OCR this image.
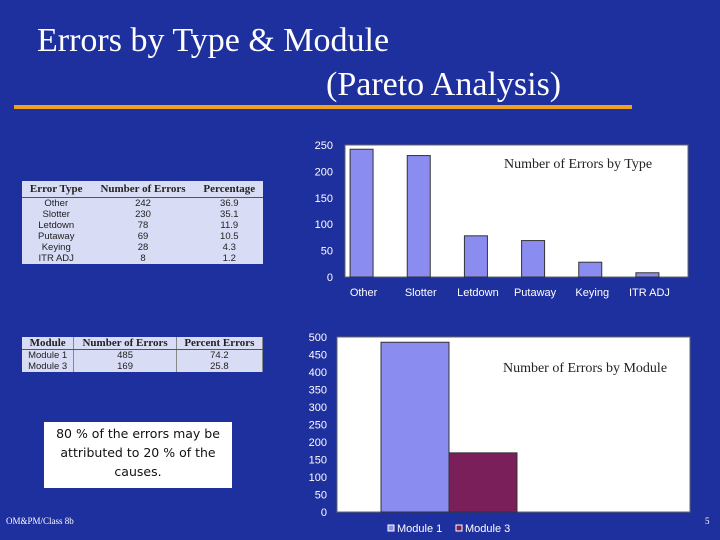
Errors by Type & Module
(Pareto Analysis)
Error Type	Number of Errors	Percentage
Other	242	36.9
Slotter	230	35.1
Letdown	78	11.9
Putaway	69	10.5
Keying	28	4.3
ITR ADJ	8	1.2
Module	Number of Errors	Percent Errors
Module 1	485	74.2
Module 3	169	25.8
80 % of the errors may be attributed to 20 % of the causes.
OM&PM/Class 8b	5
0
50
100
150
200
250
Other	Slotter Letdown Putaway Keying ITR ADJ
Number of Errors by Type
0
50
100
150
200
250
300
350
400
450
500
Number of Errors by Module
Module 1 Module 3
